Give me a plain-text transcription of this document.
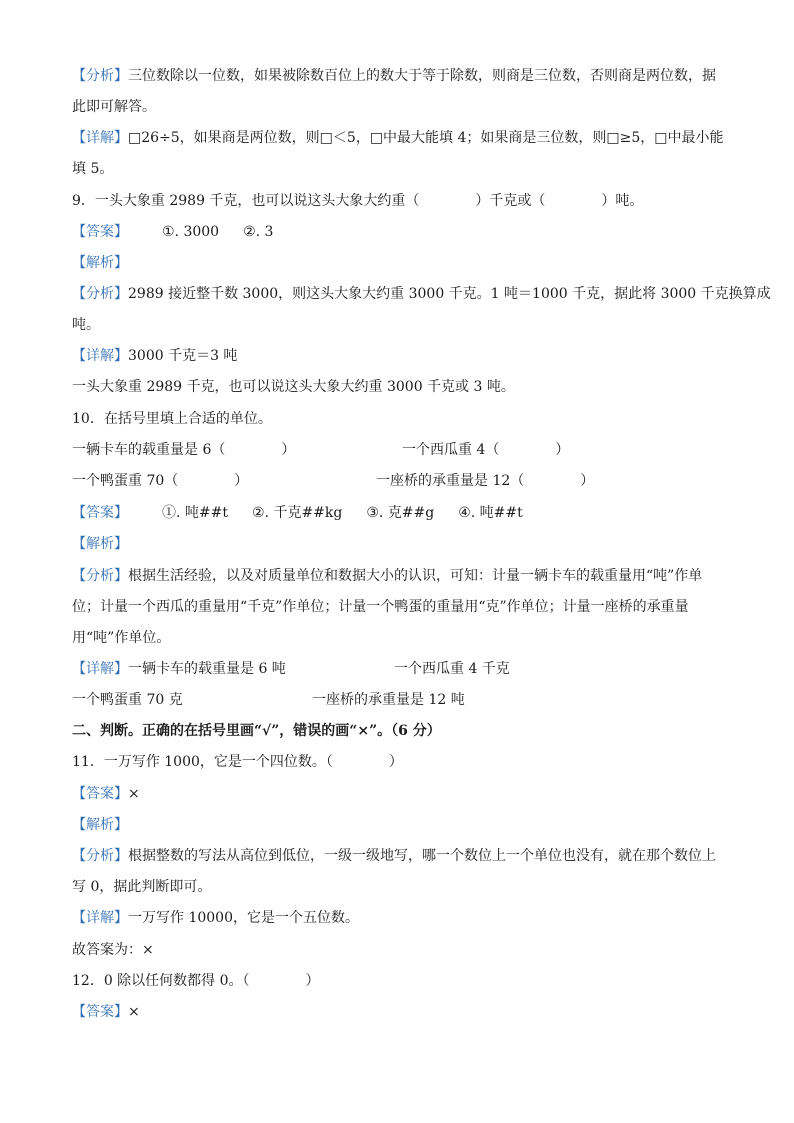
【分析】三位数除以一位数，如果被除数百位上的数大于等于除数，则商是三位数，否则商是两位数，据
此即可解答。
【详解】□26÷5，如果商是两位数，则□＜5，□中最大能填 4；如果商是三位数，则□≥5，□中最小能
填 5。
9．一头大象重 2989 千克，也可以说这头大象大约重（　　　　）千克或（　　　　）吨。
【答案】 ①. 3000 ②. 3
【解析】
【分析】2989 接近整千数 3000，则这头大象大约重 3000 千克。1 吨＝1000 千克，据此将 3000 千克换算成
吨。
【详解】3000 千克＝3 吨
一头大象重 2989 千克，也可以说这头大象大约重 3000 千克或 3 吨。
10．在括号里填上合适的单位。
一辆卡车的载重量是 6（　　　　）	一个西瓜重 4（　　　　）
一个鸭蛋重 70（　　　　）	一座桥的承重量是 12（　　　　）
【答案】 ①. 吨##t ②. 千克##kg ③. 克##g ④. 吨##t
【解析】
【分析】根据生活经验，以及对质量单位和数据大小的认识，可知：计量一辆卡车的载重量用“吨”作单
位；计量一个西瓜的重量用“千克”作单位；计量一个鸭蛋的重量用“克”作单位；计量一座桥的承重量
用“吨”作单位。
【详解】一辆卡车的载重量是 6 吨	一个西瓜重 4 千克
一个鸭蛋重 70 克	一座桥的承重量是 12 吨
二、判断。正确的在括号里画“√”，错误的画“×”。（6 分）
11．一万写作 1000，它是一个四位数。（　　　　）
【答案】×
【解析】
【分析】根据整数的写法从高位到低位，一级一级地写，哪一个数位上一个单位也没有，就在那个数位上
写 0，据此判断即可。
【详解】一万写作 10000，它是一个五位数。
故答案为：×
12．0 除以任何数都得 0。（　　　　）
【答案】×
